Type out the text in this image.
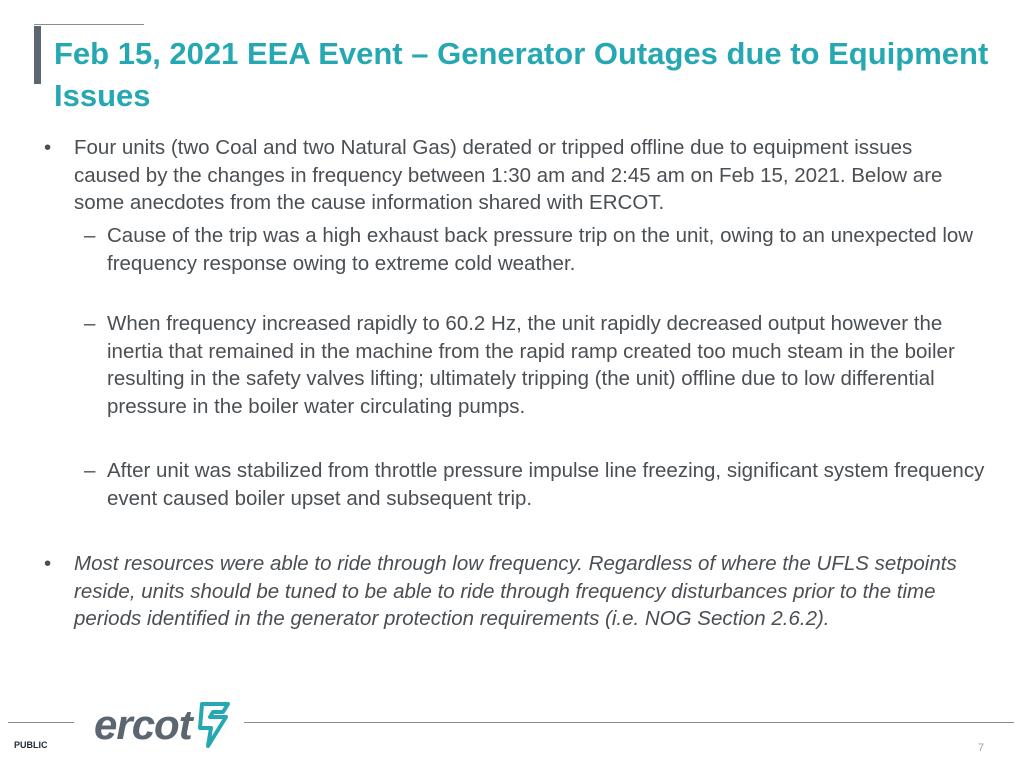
Feb 15, 2021 EEA Event – Generator Outages due to Equipment Issues
• Four units (two Coal and two Natural Gas) derated or tripped offline due to equipment issues caused by the changes in frequency between 1:30 am and 2:45 am on Feb 15, 2021. Below are some anecdotes from the cause information shared with ERCOT.
– Cause of the trip was a high exhaust back pressure trip on the unit, owing to an unexpected low frequency response owing to extreme cold weather.
– When frequency increased rapidly to 60.2 Hz, the unit rapidly decreased output however the inertia that remained in the machine from the rapid ramp created too much steam in the boiler resulting in the safety valves lifting; ultimately tripping (the unit) offline due to low differential pressure in the boiler water circulating pumps.
– After unit was stabilized from throttle pressure impulse line freezing, significant system frequency event caused boiler upset and subsequent trip.
• Most resources were able to ride through low frequency. Regardless of where the UFLS setpoints reside, units should be tuned to be able to ride through frequency disturbances prior to the time periods identified in the generator protection requirements (i.e. NOG Section 2.6.2).
ercot
PUBLIC	7
